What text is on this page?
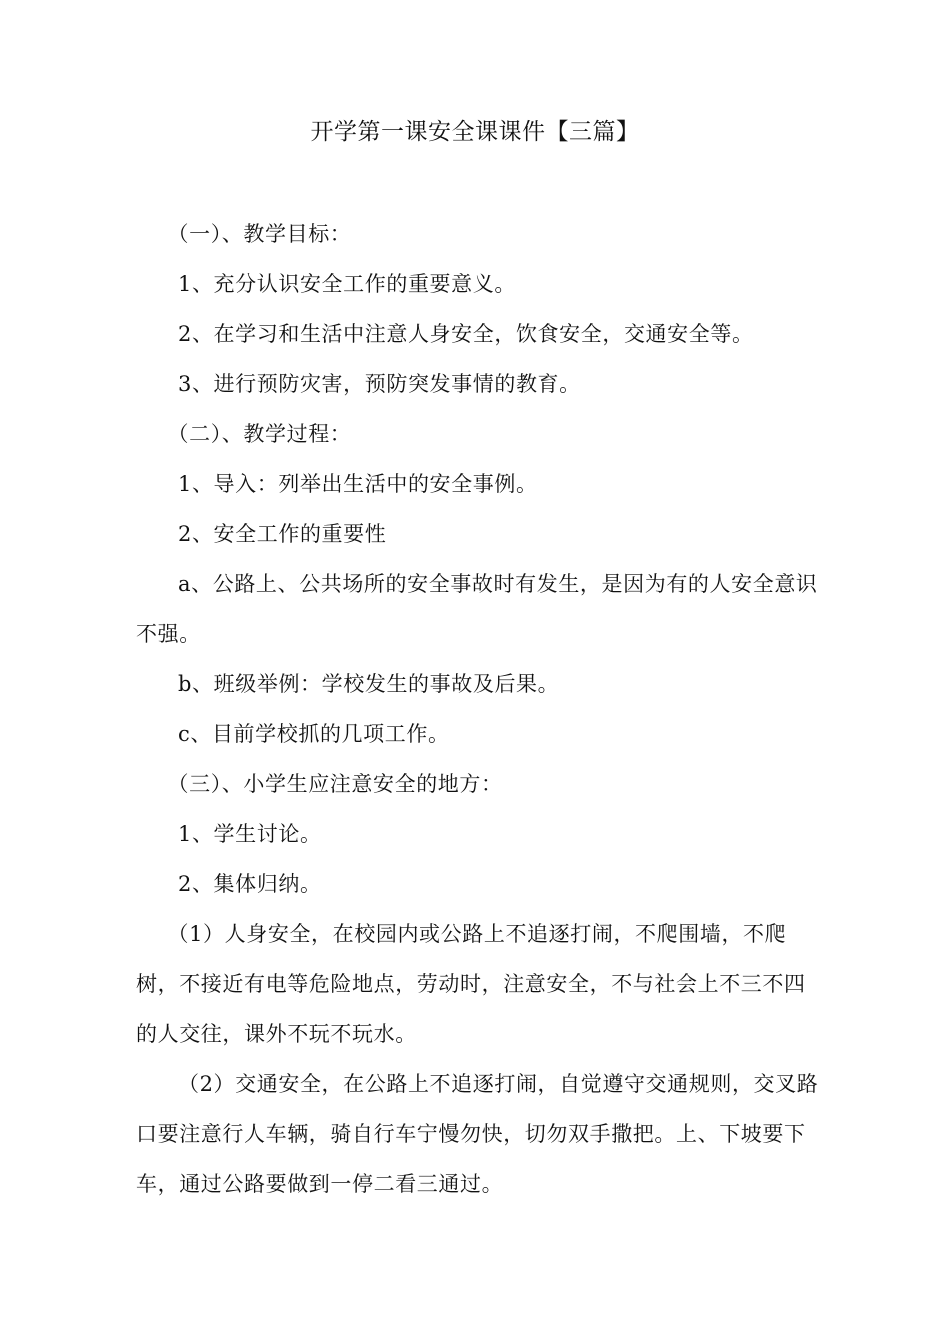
开学第一课安全课课件【三篇】

（一）、教学目标：

1、充分认识安全工作的重要意义。

2、在学习和生活中注意人身安全，饮食安全，交通安全等。

3、进行预防灾害，预防突发事情的教育。

（二）、教学过程：

1、导入：列举出生活中的安全事例。

2、安全工作的重要性

a、公路上、公共场所的安全事故时有发生，是因为有的人安全意识不强。

b、班级举例：学校发生的事故及后果。

c、目前学校抓的几项工作。

（三）、小学生应注意安全的地方：

1、学生讨论。

2、集体归纳。

（1）人身安全，在校园内或公路上不追逐打闹，不爬围墙，不爬树，不接近有电等危险地点，劳动时，注意安全，不与社会上不三不四的人交往，课外不玩不玩水。

（2）交通安全，在公路上不追逐打闹，自觉遵守交通规则，交叉路口要注意行人车辆，骑自行车宁慢勿快，切勿双手撒把。上、下坡要下车，通过公路要做到一停二看三通过。
